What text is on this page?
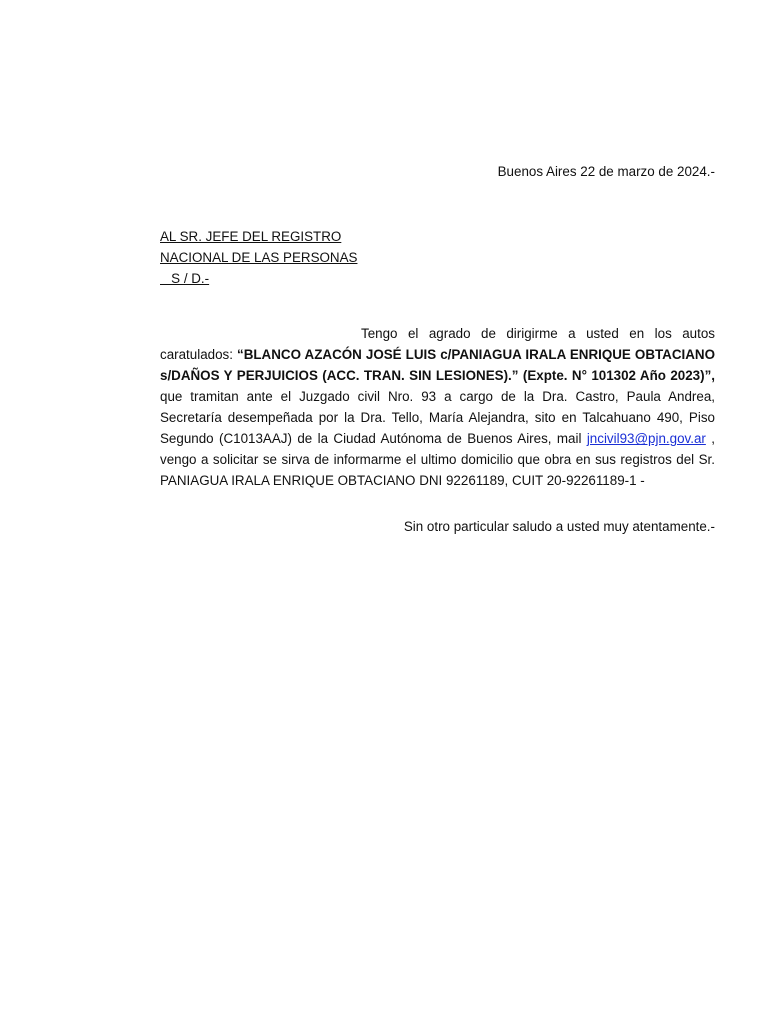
Buenos Aires 22 de marzo de 2024.-
AL SR. JEFE DEL REGISTRO
NACIONAL DE LAS PERSONAS
S / D.-

Tengo el agrado de dirigirme a usted en los autos caratulados: “BLANCO AZACÓN JOSÉ LUIS c/PANIAGUA IRALA ENRIQUE OBTACIANO s/DAÑOS Y PERJUICIOS (ACC. TRAN. SIN LESIONES).” (Expte. N° 101302 Año 2023)”, que tramitan ante el Juzgado civil Nro. 93 a cargo de la Dra. Castro, Paula Andrea, Secretaría desempeñada por la Dra. Tello, María Alejandra, sito en Talcahuano 490, Piso Segundo (C1013AAJ) de la Ciudad Autónoma de Buenos Aires, mail jncivil93@pjn.gov.ar , vengo a solicitar se sirva de informarme el ultimo domicilio que obra en sus registros del Sr. PANIAGUA IRALA ENRIQUE OBTACIANO DNI 92261189, CUIT 20-92261189-1 -

Sin otro particular saludo a usted muy atentamente.-
